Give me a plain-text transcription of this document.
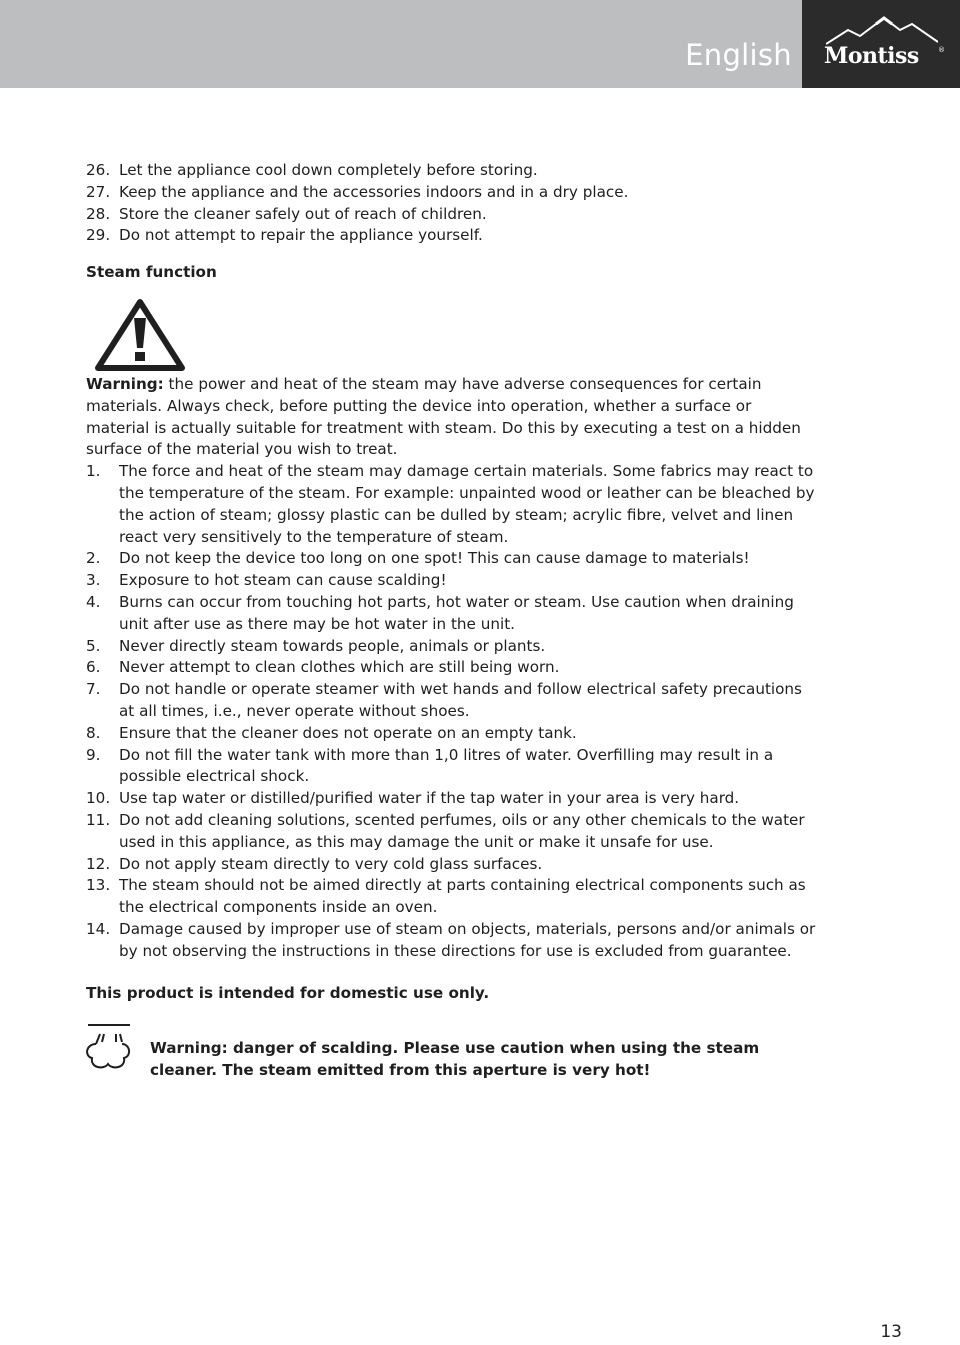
English Montiss	®
26. Let the appliance cool down completely before storing.
27. Keep the appliance and the accessories indoors and in a dry place.
28. Store the cleaner safely out of reach of children.
29. Do not attempt to repair the appliance yourself.
Steam function

Warning: the power and heat of the steam may have adverse consequences for certain materials. Always check, before putting the device into operation, whether a surface or material is actually suitable for treatment with steam. Do this by executing a test on a hidden surface of the material you wish to treat.

1. The force and heat of the steam may damage certain materials. Some fabrics may react to the temperature of the steam. For example: unpainted wood or leather can be bleached by the action of steam; glossy plastic can be dulled by steam; acrylic fibre, velvet and linen react very sensitively to the temperature of steam.
2. Do not keep the device too long on one spot! This can cause damage to materials!
3. Exposure to hot steam can cause scalding!
4. Burns can occur from touching hot parts, hot water or steam. Use caution when draining unit after use as there may be hot water in the unit.
5. Never directly steam towards people, animals or plants.
6. Never attempt to clean clothes which are still being worn.
7. Do not handle or operate steamer with wet hands and follow electrical safety precautions at all times, i.e., never operate without shoes.
8. Ensure that the cleaner does not operate on an empty tank.
9. Do not fill the water tank with more than 1,0 litres of water. Overfilling may result in a possible electrical shock.
10. Use tap water or distilled/purified water if the tap water in your area is very hard.
11. Do not add cleaning solutions, scented perfumes, oils or any other chemicals to the water used in this appliance, as this may damage the unit or make it unsafe for use.
12. Do not apply steam directly to very cold glass surfaces.
13. The steam should not be aimed directly at parts containing electrical components such as the electrical components inside an oven.
14. Damage caused by improper use of steam on objects, materials, persons and/or animals or by not observing the instructions in these directions for use is excluded from guarantee.
This product is intended for domestic use only.
Warning: danger of scalding. Please use caution when using the steam cleaner. The steam emitted from this aperture is very hot!
13
